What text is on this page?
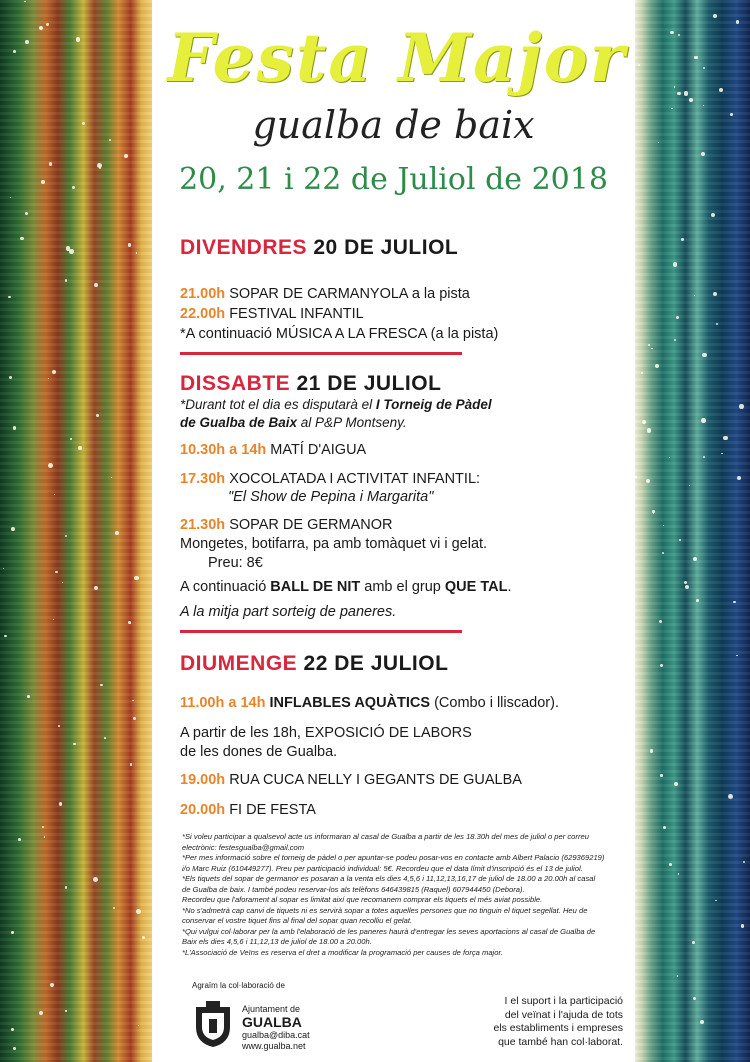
Festa Major
gualba de baix
20, 21 i 22 de Juliol de 2018
DIVENDRES 20 DE JULIOL
21.00h SOPAR DE CARMANYOLA a la pista
22.00h FESTIVAL INFANTIL
*A continuació MÚSICA A LA FRESCA (a la pista)
DISSABTE 21 DE JULIOL
*Durant tot el dia es disputarà el I Torneig de Pàdel
de Gualba de Baix al P&P Montseny.
10.30h a 14h MATÍ D'AIGUA
17.30h XOCOLATADA I ACTIVITAT INFANTIL:
"El Show de Pepina i Margarita"
21.30h SOPAR DE GERMANOR
Mongetes, botifarra, pa amb tomàquet vi i gelat.
Preu: 8€
A continuació BALL DE NIT amb el grup QUE TAL.
A la mitja part sorteig de paneres.
DIUMENGE 22 DE JULIOL
11.00h a 14h INFLABLES AQUÀTICS (Combo i lliscador).
A partir de les 18h, EXPOSICIÓ DE LABORS
de les dones de Gualba.
19.00h RUA CUCA NELLY I GEGANTS DE GUALBA
20.00h FI DE FESTA
*Si voleu participar a qualsevol acte us informaran al casal de Gualba a partir de les 18.30h del mes de juliol o per correu
electrònic: festesgualba@gmail.com
*Per mes informació sobre el torneig de pàdel o per apuntar-se podeu posar-vos en contacte amb Albert Palacio (629369219)
i/o Marc Ruiz (610449277). Preu per participació individual: 5€. Recordeu que el data límit d'inscripció és el 13 de juliol.
*Els tiquets del sopar de germanor es posaran a la venta els dies 4,5,6 i 11,12,13,16,17 de juliol de 18.00 a 20.00h al casal
de Gualba de baix. I també podeu reservar-los als telèfons 646439815 (Raquel) 607944450 (Debora).
Recordeu que l'aforament al sopar es limitat així que recomanem comprar els tiquets el més aviat possible.
*No s'admetrà cap canvi de tiquets ni es servirà sopar a totes aquelles persones que no tinguin el tiquet segellat. Heu de
conservar el vostre tiquet fins al final del sopar quan recolliu el gelat.
*Qui vulgui col·laborar per la amb l'elaboració de les paneres haurà d'entregar les seves aportacions al casal de Gualba de
Baix els dies 4,5,6 i 11,12,13 de juliol de 18.00 a 20.00h.
*L'Associació de Veïns es reserva el dret a modificar la programació per causes de força major.
Agraïm la col·laboració de
Ajuntament de
GUALBA
gualba@diba.cat
www.gualba.net
I el suport i la participació
del veïnat i l'ajuda de tots
els establiments i empreses
que també han col·laborat.
